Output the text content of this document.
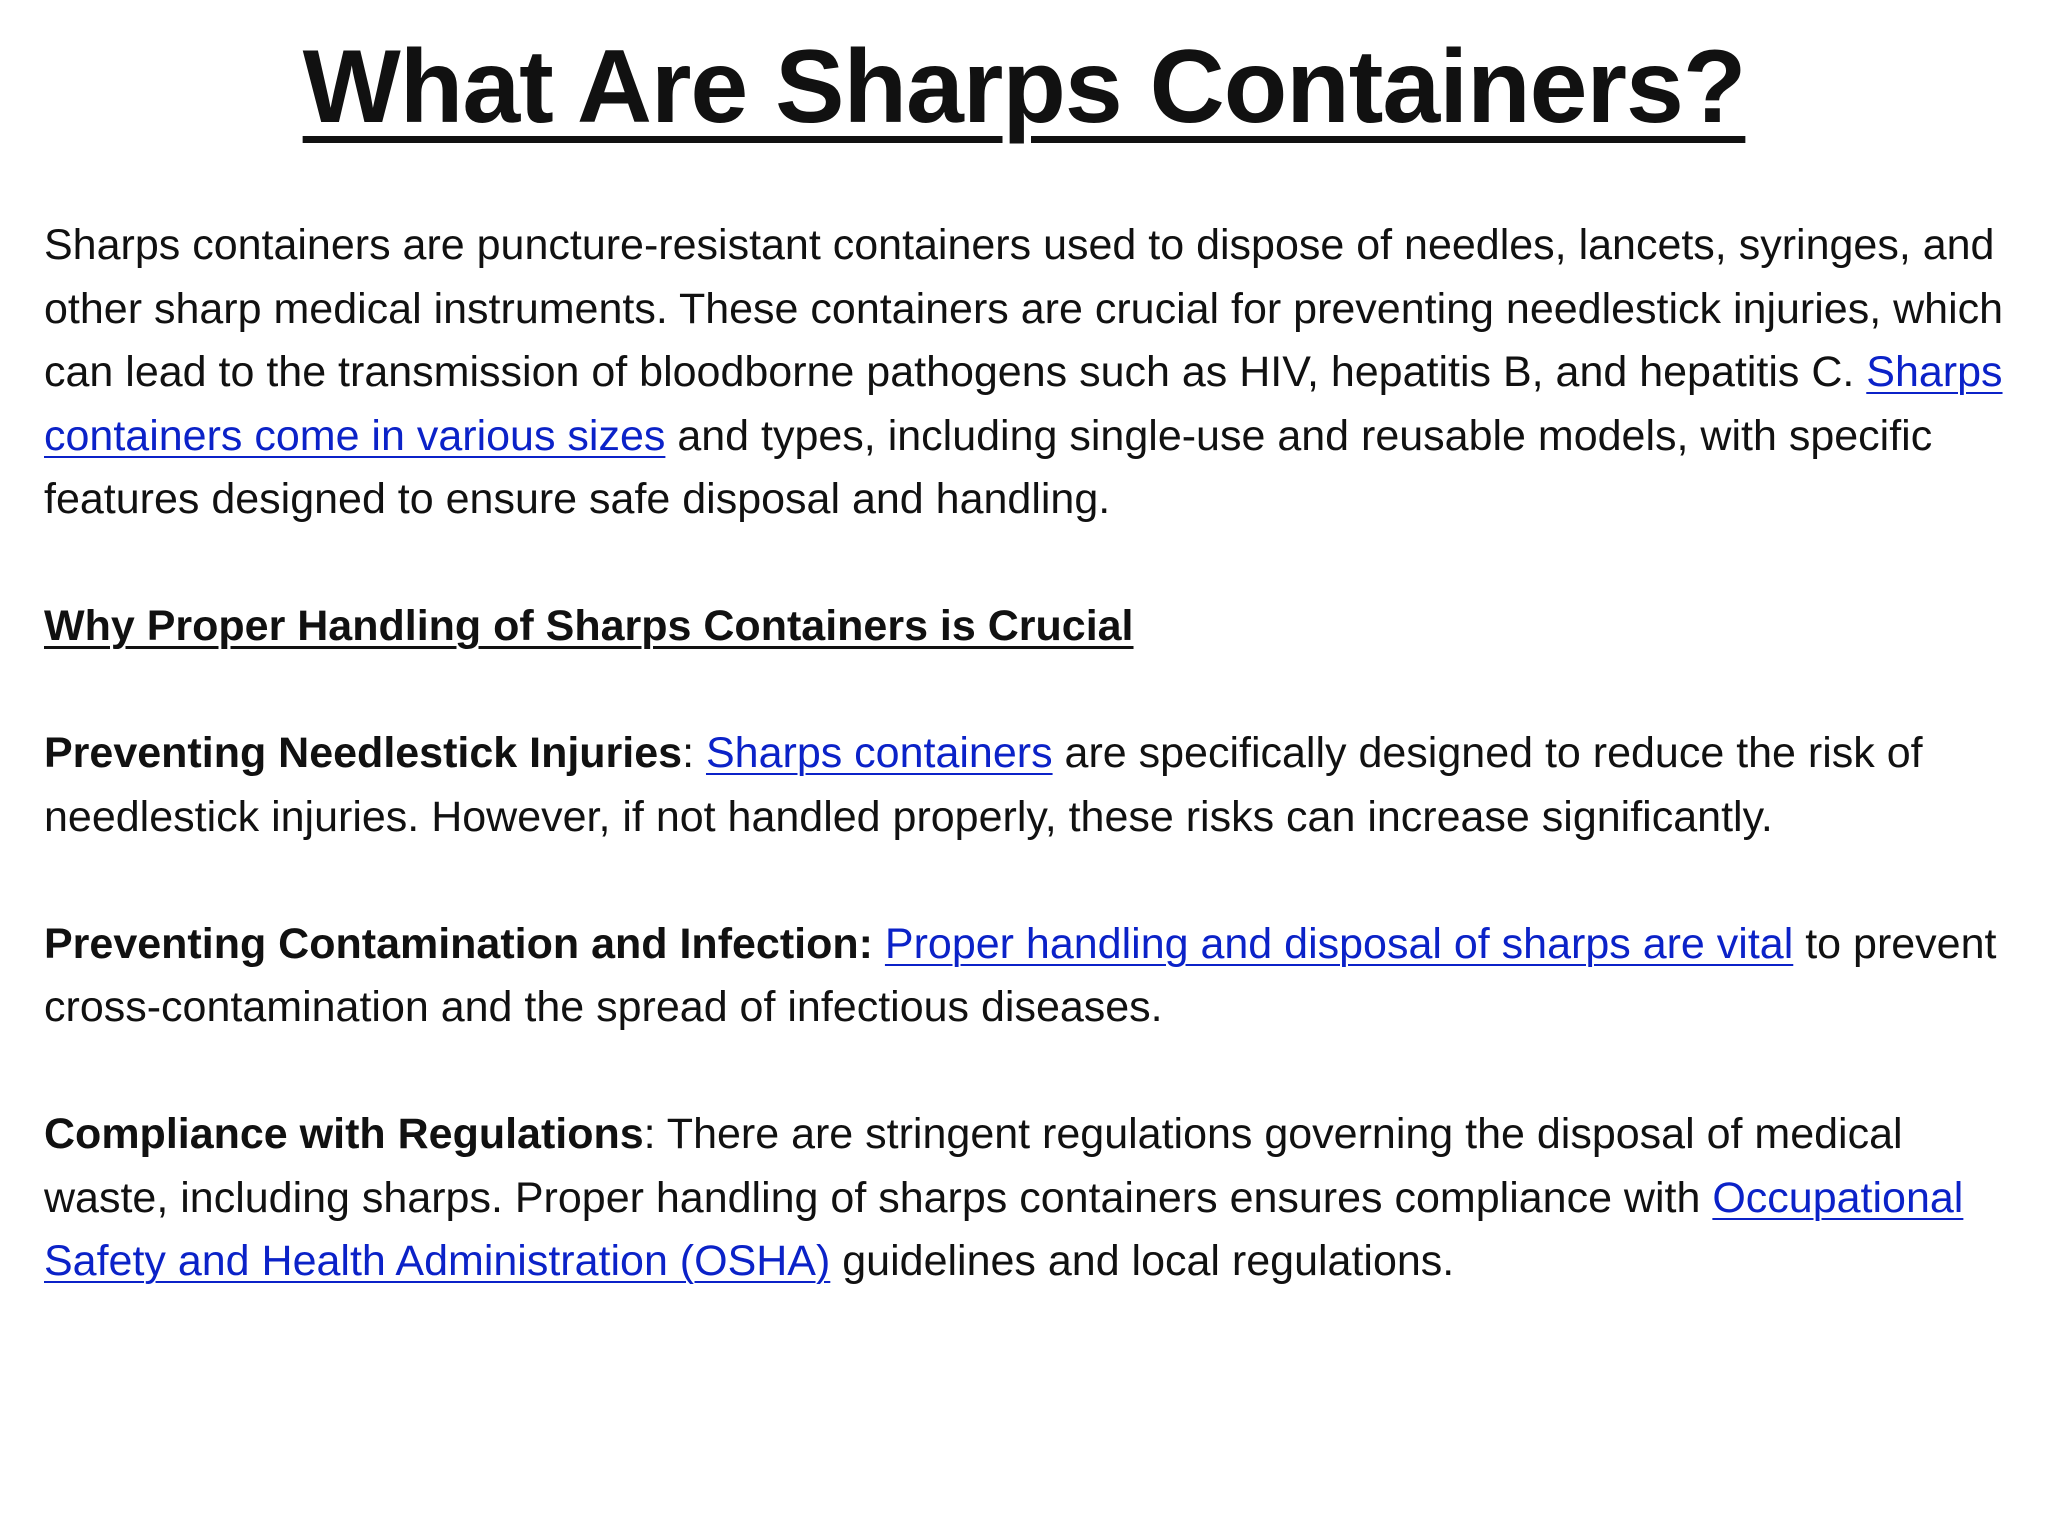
What Are Sharps Containers?

Sharps containers are puncture-resistant containers used to dispose of needles, lancets, syringes, and other sharp medical instruments. These containers are crucial for preventing needlestick injuries, which can lead to the transmission of bloodborne pathogens such as HIV, hepatitis B, and hepatitis C. Sharps containers come in various sizes and types, including single-use and reusable models, with specific features designed to ensure safe disposal and handling.

Why Proper Handling of Sharps Containers is Crucial

Preventing Needlestick Injuries: Sharps containers are specifically designed to reduce the risk of needlestick injuries. However, if not handled properly, these risks can increase significantly.

Preventing Contamination and Infection: Proper handling and disposal of sharps are vital to prevent cross-contamination and the spread of infectious diseases.

Compliance with Regulations: There are stringent regulations governing the disposal of medical waste, including sharps. Proper handling of sharps containers ensures compliance with Occupational Safety and Health Administration (OSHA) guidelines and local regulations.
